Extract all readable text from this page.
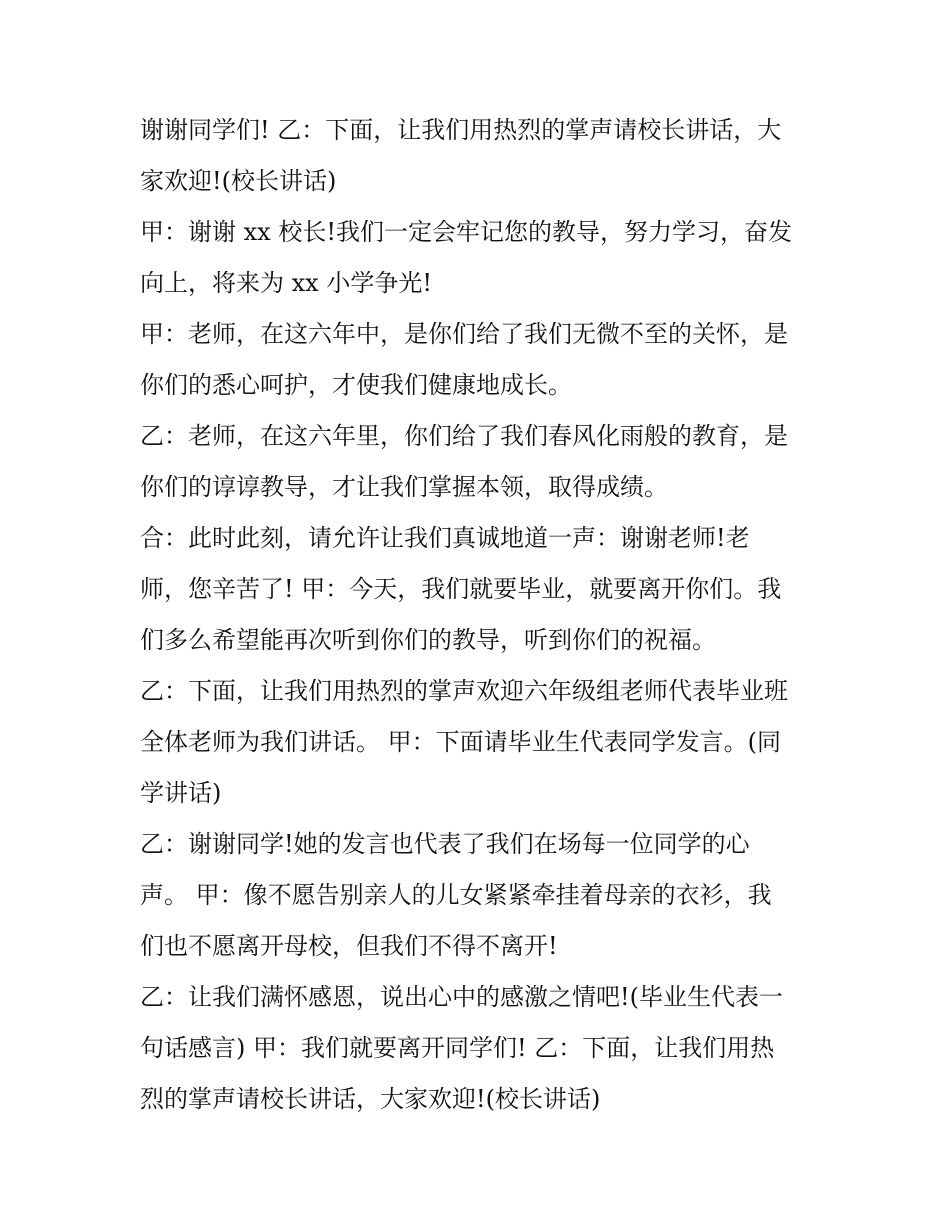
谢谢同学们! 乙：下面，让我们用热烈的掌声请校长讲话，大
家欢迎!(校长讲话)
甲：谢谢 xx 校长!我们一定会牢记您的教导，努力学习，奋发
向上，将来为 xx 小学争光!
甲：老师，在这六年中，是你们给了我们无微不至的关怀，是
你们的悉心呵护，才使我们健康地成长。
乙：老师，在这六年里，你们给了我们春风化雨般的教育，是
你们的谆谆教导，才让我们掌握本领，取得成绩。
合：此时此刻，请允许让我们真诚地道一声：谢谢老师!老
师，您辛苦了! 甲：今天，我们就要毕业，就要离开你们。我
们多么希望能再次听到你们的教导，听到你们的祝福。
乙：下面，让我们用热烈的掌声欢迎六年级组老师代表毕业班
全体老师为我们讲话。 甲：下面请毕业生代表同学发言。(同
学讲话)
乙：谢谢同学!她的发言也代表了我们在场每一位同学的心
声。 甲：像不愿告别亲人的儿女紧紧牵挂着母亲的衣衫，我
们也不愿离开母校，但我们不得不离开!
乙：让我们满怀感恩，说出心中的感激之情吧!(毕业生代表一
句话感言) 甲：我们就要离开同学们! 乙：下面，让我们用热
烈的掌声请校长讲话，大家欢迎!(校长讲话)
